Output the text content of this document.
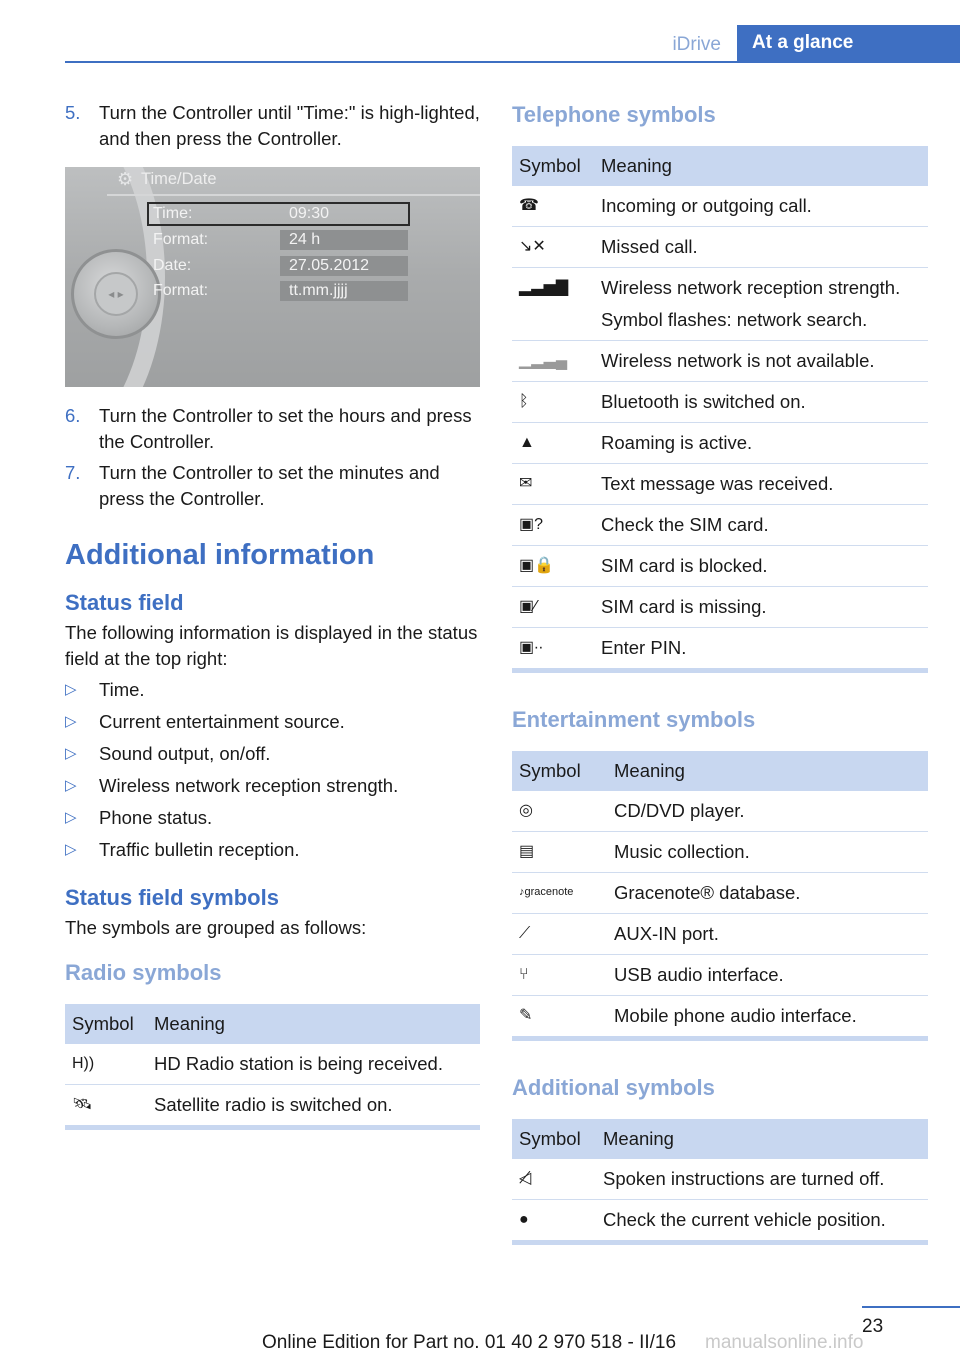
iDrive	At a glance
5. Turn the Controller until "Time:" is high‐lighted, and then press the Controller.
◂ ▸
⚙ Time/Date
Time:	09:30
Format:	24 h
Date:	27.05.2012
Format:	tt.mm.jjjj
6. Turn the Controller to set the hours and press the Controller.
7. Turn the Controller to set the minutes and press the Controller.
Additional information
Status field

The following information is displayed in the status field at the top right:

▷ Time.
▷ Current entertainment source.
▷ Sound output, on/off.
▷ Wireless network reception strength.
▷ Phone status.
▷ Traffic bulletin reception.
Status field symbols

The symbols are grouped as follows:

Radio symbols
Symbol	Meaning
H))	HD Radio station is being received.
🛰	Satellite radio is switched on.
Telephone symbols
Symbol	Meaning
☎	Incoming or outgoing call.
↘✕	Missed call.
▂▃▅▇	Wireless network reception strength.
Symbol flashes: network search.

▁▂▃▄	Wireless network is not available.
ᛒ	Bluetooth is switched on.
▲	Roaming is active.
✉	Text message was received.
▣?	Check the SIM card.
▣🔒	SIM card is blocked.
▣⁄	SIM card is missing.
▣∙∙	Enter PIN.
Entertainment symbols
Symbol	Meaning
◎	CD/DVD player.
▤	Music collection.
♪gracenote	Gracenote® database.
⟋	AUX-IN port.
⑂	USB audio interface.
✎	Mobile phone audio interface.
Additional symbols
Symbol	Meaning
◁̸	Spoken instructions are turned off.
●	Check the current vehicle position.
23
Online Edition for Part no. 01 40 2 970 518 - II/16 manualsonline.info
